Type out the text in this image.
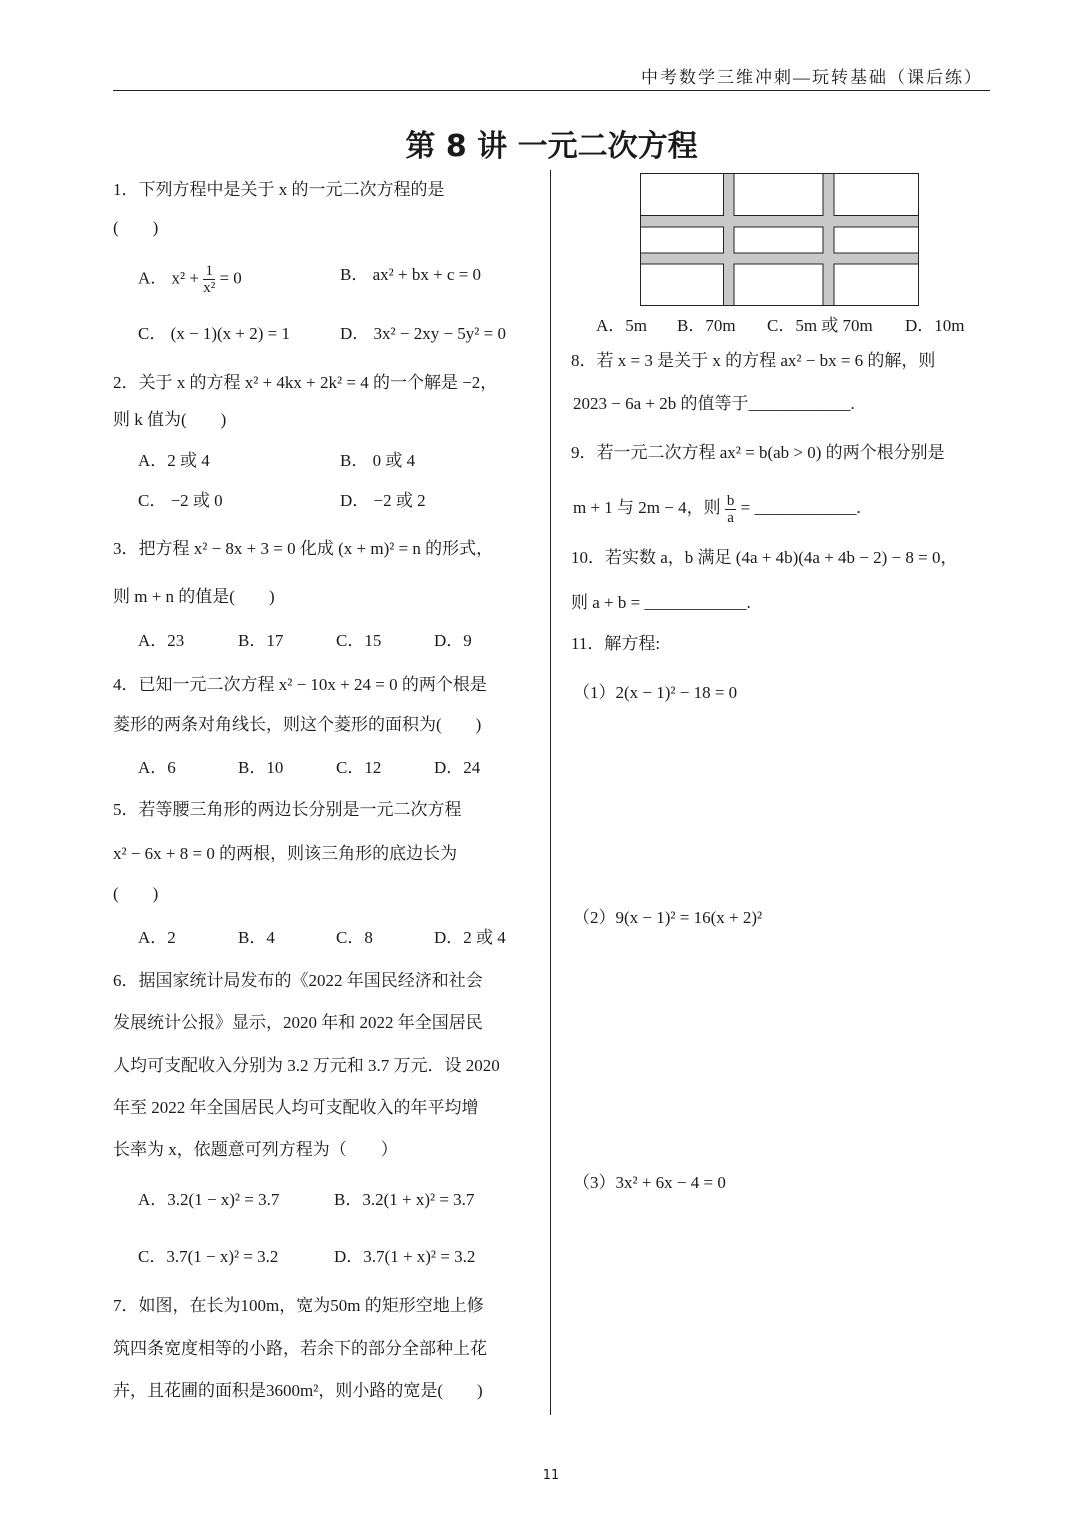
中考数学三维冲刺—玩转基础（课后练）
第 8 讲 一元二次方程
1．下列方程中是关于 x 的一元二次方程的是
(　　)
A． $x^2 + \frac{1}{\text{x²}} = 0$	B． ax² + bx + c = 0
C． (x − 1)(x + 2) = 1	D． 3x² − 2xy − 5y² = 0
2．关于 x 的方程 x² + 4kx + 2k² = 4 的一个解是 −2，
则 k 值为(　　)
A．2 或 4	B． 0 或 4
C． −2 或 0	D． −2 或 2
3．把方程 x² − 8x + 3 = 0 化成 (x + m)² = n 的形式，
则 m + n 的值是(　　)
A．23	B．17	C．15	D．9
4．已知一元二次方程 x² − 10x + 24 = 0 的两个根是
菱形的两条对角线长，则这个菱形的面积为(　　)
A．6	B．10	C．12	D．24
5．若等腰三角形的两边长分别是一元二次方程
x² − 6x + 8 = 0 的两根，则该三角形的底边长为
(　　)
A．2	B．4	C．8	D．2 或 4
6．据国家统计局发布的《2022 年国民经济和社会
发展统计公报》显示，2020 年和 2022 年全国居民
人均可支配收入分别为 3.2 万元和 3.7 万元．设 2020
年至 2022 年全国居民人均可支配收入的年平均增
长率为 x，依题意可列方程为（　　）
A．3.2(1 − x)² = 3.7	B．3.2(1 + x)² = 3.7
C．3.7(1 − x)² = 3.2	D．3.7(1 + x)² = 3.2
7．如图，在长为100m，宽为50m 的矩形空地上修
筑四条宽度相等的小路，若余下的部分全部种上花
卉，且花圃的面积是3600m²，则小路的宽是(　　)
A．5m B．70m C．5m 或 70m D．10m
8．若 x = 3 是关于 x 的方程 ax² − bx = 6 的解，则
2023 − 6a + 2b 的值等于____________.
9．若一元二次方程 ax² = b(ab > 0) 的两个根分别是
m + 1 与 2m − 4，则 $\frac{b}{a}$ = ____________.
10．若实数 a，b 满足 (4a + 4b)(4a + 4b − 2) − 8 = 0，
则 a + b = ____________.
11．解方程:
（1）2(x − 1)² − 18 = 0
（2）9(x − 1)² = 16(x + 2)²
（3）3x² + 6x − 4 = 0
11
